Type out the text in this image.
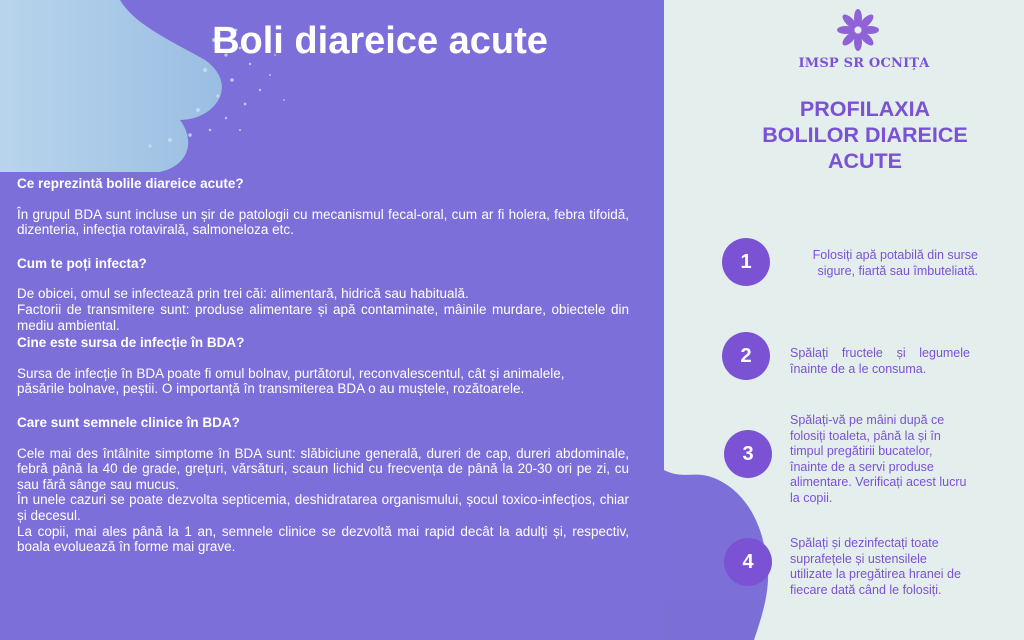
Boli diareice acute

Ce reprezintă bolile diareice acute?

În grupul BDA sunt incluse un șir de patologii cu mecanismul fecal-oral, cum ar fi holera, febra tifoidă, dizenteria, infecția rotavirală, salmoneloza etc.

Cum te poți infecta?

De obicei, omul se infectează prin trei căi: alimentară, hidrică sau habituală.

Factorii de transmitere sunt: produse alimentare și apă contaminate, mâinile murdare, obiectele din mediu ambiental.

Cine este sursa de infecție în BDA?

Sursa de infecție în BDA poate fi omul bolnav, purtătorul, reconvalescentul, cât și animalele,

păsările bolnave, peștii. O importanță în transmiterea BDA o au muștele, rozătoarele.

Care sunt semnele clinice în BDA?

Cele mai des întâlnite simptome în BDA sunt: slăbiciune generală, dureri de cap, dureri abdominale, febră până la 40 de grade, grețuri, vărsături, scaun lichid cu frecvența de până la 20-30 ori pe zi, cu sau fără sânge sau mucus.

În unele cazuri se poate dezvolta septicemia, deshidratarea organismului, șocul toxico-infecțios, chiar și decesul.

La copii, mai ales până la 1 an, semnele clinice se dezvoltă mai rapid decât la adulți și, respectiv, boala evoluează în forme mai grave.

IMSP SR OCNIȚA
PROFILAXIA BOLILOR DIAREICE ACUTE
1	Folosiți apă potabilă din surse sigure, fiartă sau îmbuteliată.
2	Spălați fructele și legumele înainte de a le consuma.
3
Spălați-vă pe mâini după ce folosiți toaleta, până la și în timpul pregătirii bucatelor, înainte de a servi produse alimentare. Verificați acest lucru la copii.
4
Spălați și dezinfectați toate suprafețele și ustensilele utilizate la pregătirea hranei de fiecare dată când le folosiți.
